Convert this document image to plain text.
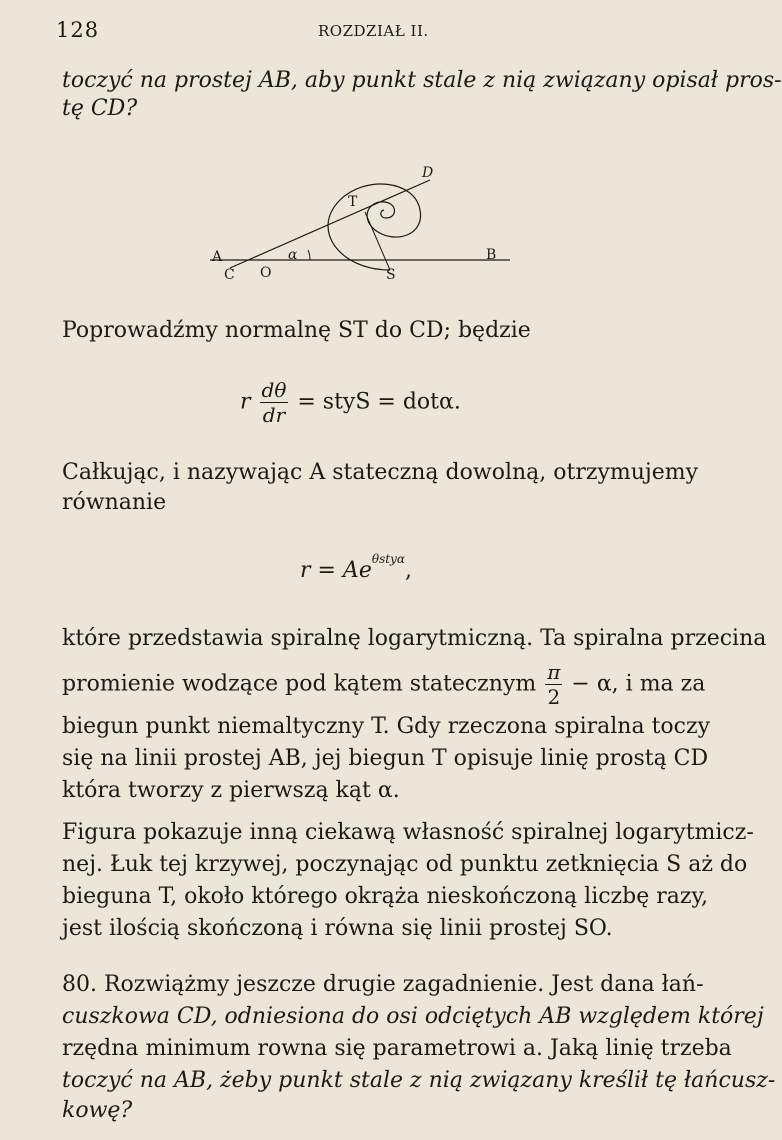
128	ROZDZIAŁ II.
toczyć na prostej AB, aby punkt stale z nią związany opisał pros-
tę CD?
D
T
A	α	B
C O	S
Poprowadźmy normalnę ST do CD; będzie
r $\frac{d\theta}{dr}$ = styS = dotα.
Całkując, i nazywając A stateczną dowolną, otrzymujemy
równanie
$r = Ae^{\theta sty\alpha}$,
które przedstawia spiralnę logarytmiczną. Ta spiralna przecina
promienie wodzące pod kątem statecznym $\frac{\pi}{2} - \alpha$, i ma za
biegun punkt niemaltyczny T. Gdy rzeczona spiralna toczy
się na linii prostej AB, jej biegun T opisuje linię prostą CD
która tworzy z pierwszą kąt α.
Figura pokazuje inną ciekawą własność spiralnej logarytmicz-
nej. Łuk tej krzywej, poczynając od punktu zetknięcia S aż do
bieguna T, około którego okrąża nieskończoną liczbę razy,
jest ilością skończoną i równa się linii prostej SO.
80. Rozwiążmy jeszcze drugie zagadnienie. Jest dana łań-
cuszkowa CD, odniesiona do osi odciętych AB względem której
rzędna minimum rowna się parametrowi a. Jaką linię trzeba
toczyć na AB, żeby punkt stale z nią związany kreślił tę łańcusz-
kowę?
